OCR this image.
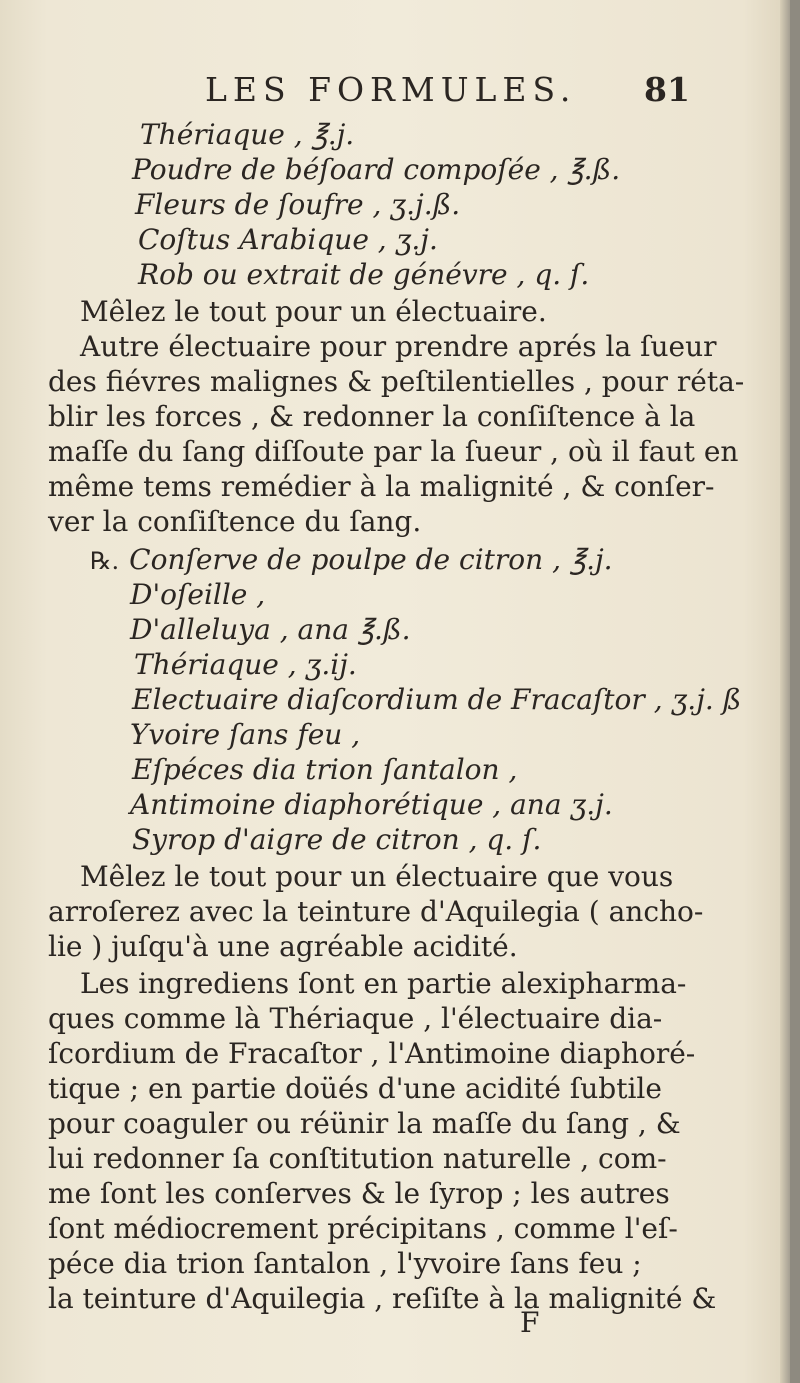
LES FORMULES. 81
Thériaque , ℥.j.
Poudre de béſoard compoſée , ℥.ß.
Fleurs de ſoufre , ʒ.j.ß.
Coſtus Arabique , ʒ.j.
Rob ou extrait de génévre , q. ſ.
Mêlez le tout pour un électuaire.
Autre électuaire pour prendre aprés la ſueur
des fiévres malignes & peſtilentielles , pour réta-
blir les forces , & redonner la conſiſtence à la
maſſe du ſang diſſoute par la ſueur , où il faut en
même tems remédier à la malignité , & conſer-
ver la conſiſtence du ſang.
℞. Conſerve de poulpe de citron , ℥.j.
D'oſeille ,
D'alleluya , ana ℥.ß.
Thériaque , ʒ.ij.
Electuaire diaſcordium de Fracaſtor , ʒ.j. ß
Yvoire ſans feu ,
Eſpéces dia trion ſantalon ,
Antimoine diaphorétique , ana ʒ.j.
Syrop d'aigre de citron , q. ſ.
Mêlez le tout pour un électuaire que vous
arroſerez avec la teinture d'Aquilegia ( ancho-
lie ) juſqu'à une agréable acidité.
Les ingrediens ſont en partie alexipharma-
ques comme là Thériaque , l'électuaire dia-
ſcordium de Fracaſtor , l'Antimoine diaphoré-
tique ; en partie doüés d'une acidité ſubtile
pour coaguler ou réünir la maſſe du ſang , &
lui redonner ſa conſtitution naturelle , com-
me ſont les conſerves & le ſyrop ; les autres
ſont médiocrement précipitans , comme l'eſ-
péce dia trion ſantalon , l'yvoire ſans feu ;
la teinture d'Aquilegia , reſiſte à la malignité &
F
